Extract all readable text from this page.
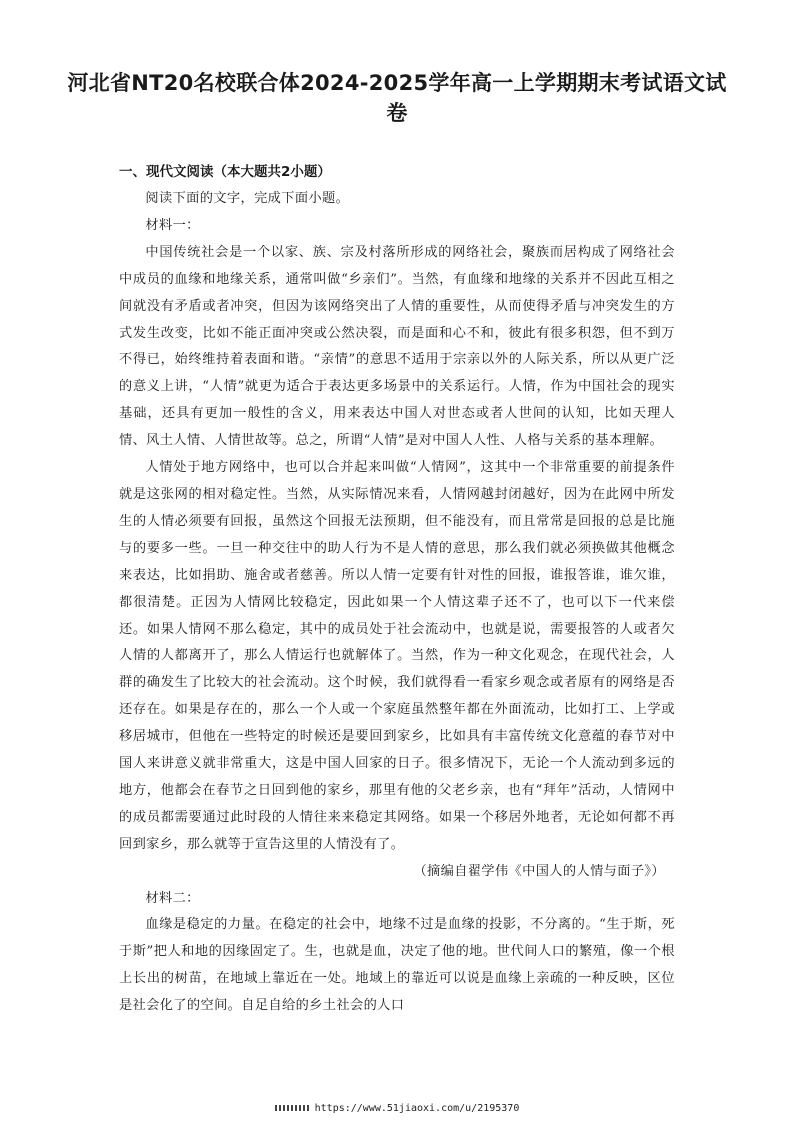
河北省NT20名校联合体2024-2025学年高一上学期期末考试语文试卷
一、现代文阅读（本大题共2小题）

阅读下面的文字，完成下面小题。

材料一：

中国传统社会是一个以家、族、宗及村落所形成的网络社会，聚族而居构成了网络社会中成员的血缘和地缘关系，通常叫做“乡亲们”。当然，有血缘和地缘的关系并不因此互相之间就没有矛盾或者冲突，但因为该网络突出了人情的重要性，从而使得矛盾与冲突发生的方式发生改变，比如不能正面冲突或公然决裂，而是面和心不和，彼此有很多积怨，但不到万不得已，始终维持着表面和谐。“亲情”的意思不适用于宗亲以外的人际关系，所以从更广泛的意义上讲，“人情”就更为适合于表达更多场景中的关系运行。人情，作为中国社会的现实基础，还具有更加一般性的含义，用来表达中国人对世态或者人世间的认知，比如天理人情、风土人情、人情世故等。总之，所谓“人情”是对中国人人性、人格与关系的基本理解。

人情处于地方网络中，也可以合并起来叫做“人情网”，这其中一个非常重要的前提条件就是这张网的相对稳定性。当然，从实际情况来看，人情网越封闭越好，因为在此网中所发生的人情必须要有回报，虽然这个回报无法预期，但不能没有，而且常常是回报的总是比施与的要多一些。一旦一种交往中的助人行为不是人情的意思，那么我们就必须换做其他概念来表达，比如捐助、施舍或者慈善。所以人情一定要有针对性的回报，谁报答谁，谁欠谁，都很清楚。正因为人情网比较稳定，因此如果一个人情这辈子还不了，也可以下一代来偿还。如果人情网不那么稳定，其中的成员处于社会流动中，也就是说，需要报答的人或者欠人情的人都离开了，那么人情运行也就解体了。当然，作为一种文化观念，在现代社会，人群的确发生了比较大的社会流动。这个时候，我们就得看一看家乡观念或者原有的网络是否还存在。如果是存在的，那么一个人或一个家庭虽然整年都在外面流动，比如打工、上学或移居城市，但他在一些特定的时候还是要回到家乡，比如具有丰富传统文化意蕴的春节对中国人来讲意义就非常重大，这是中国人回家的日子。很多情况下，无论一个人流动到多远的地方，他都会在春节之日回到他的家乡，那里有他的父老乡亲，也有“拜年”活动，人情网中的成员都需要通过此时段的人情往来来稳定其网络。如果一个移居外地者，无论如何都不再回到家乡，那么就等于宣告这里的人情没有了。

（摘编自翟学伟《中国人的人情与面子》）

材料二：

血缘是稳定的力量。在稳定的社会中，地缘不过是血缘的投影，不分离的。“生于斯，死于斯”把人和地的因缘固定了。生，也就是血，决定了他的地。世代间人口的繁殖，像一个根上长出的树苗，在地域上靠近在一处。地域上的靠近可以说是血缘上亲疏的一种反映，区位是社会化了的空间。自足自给的乡土社会的人口

https://www.51jiaoxi.com/u/2195370
